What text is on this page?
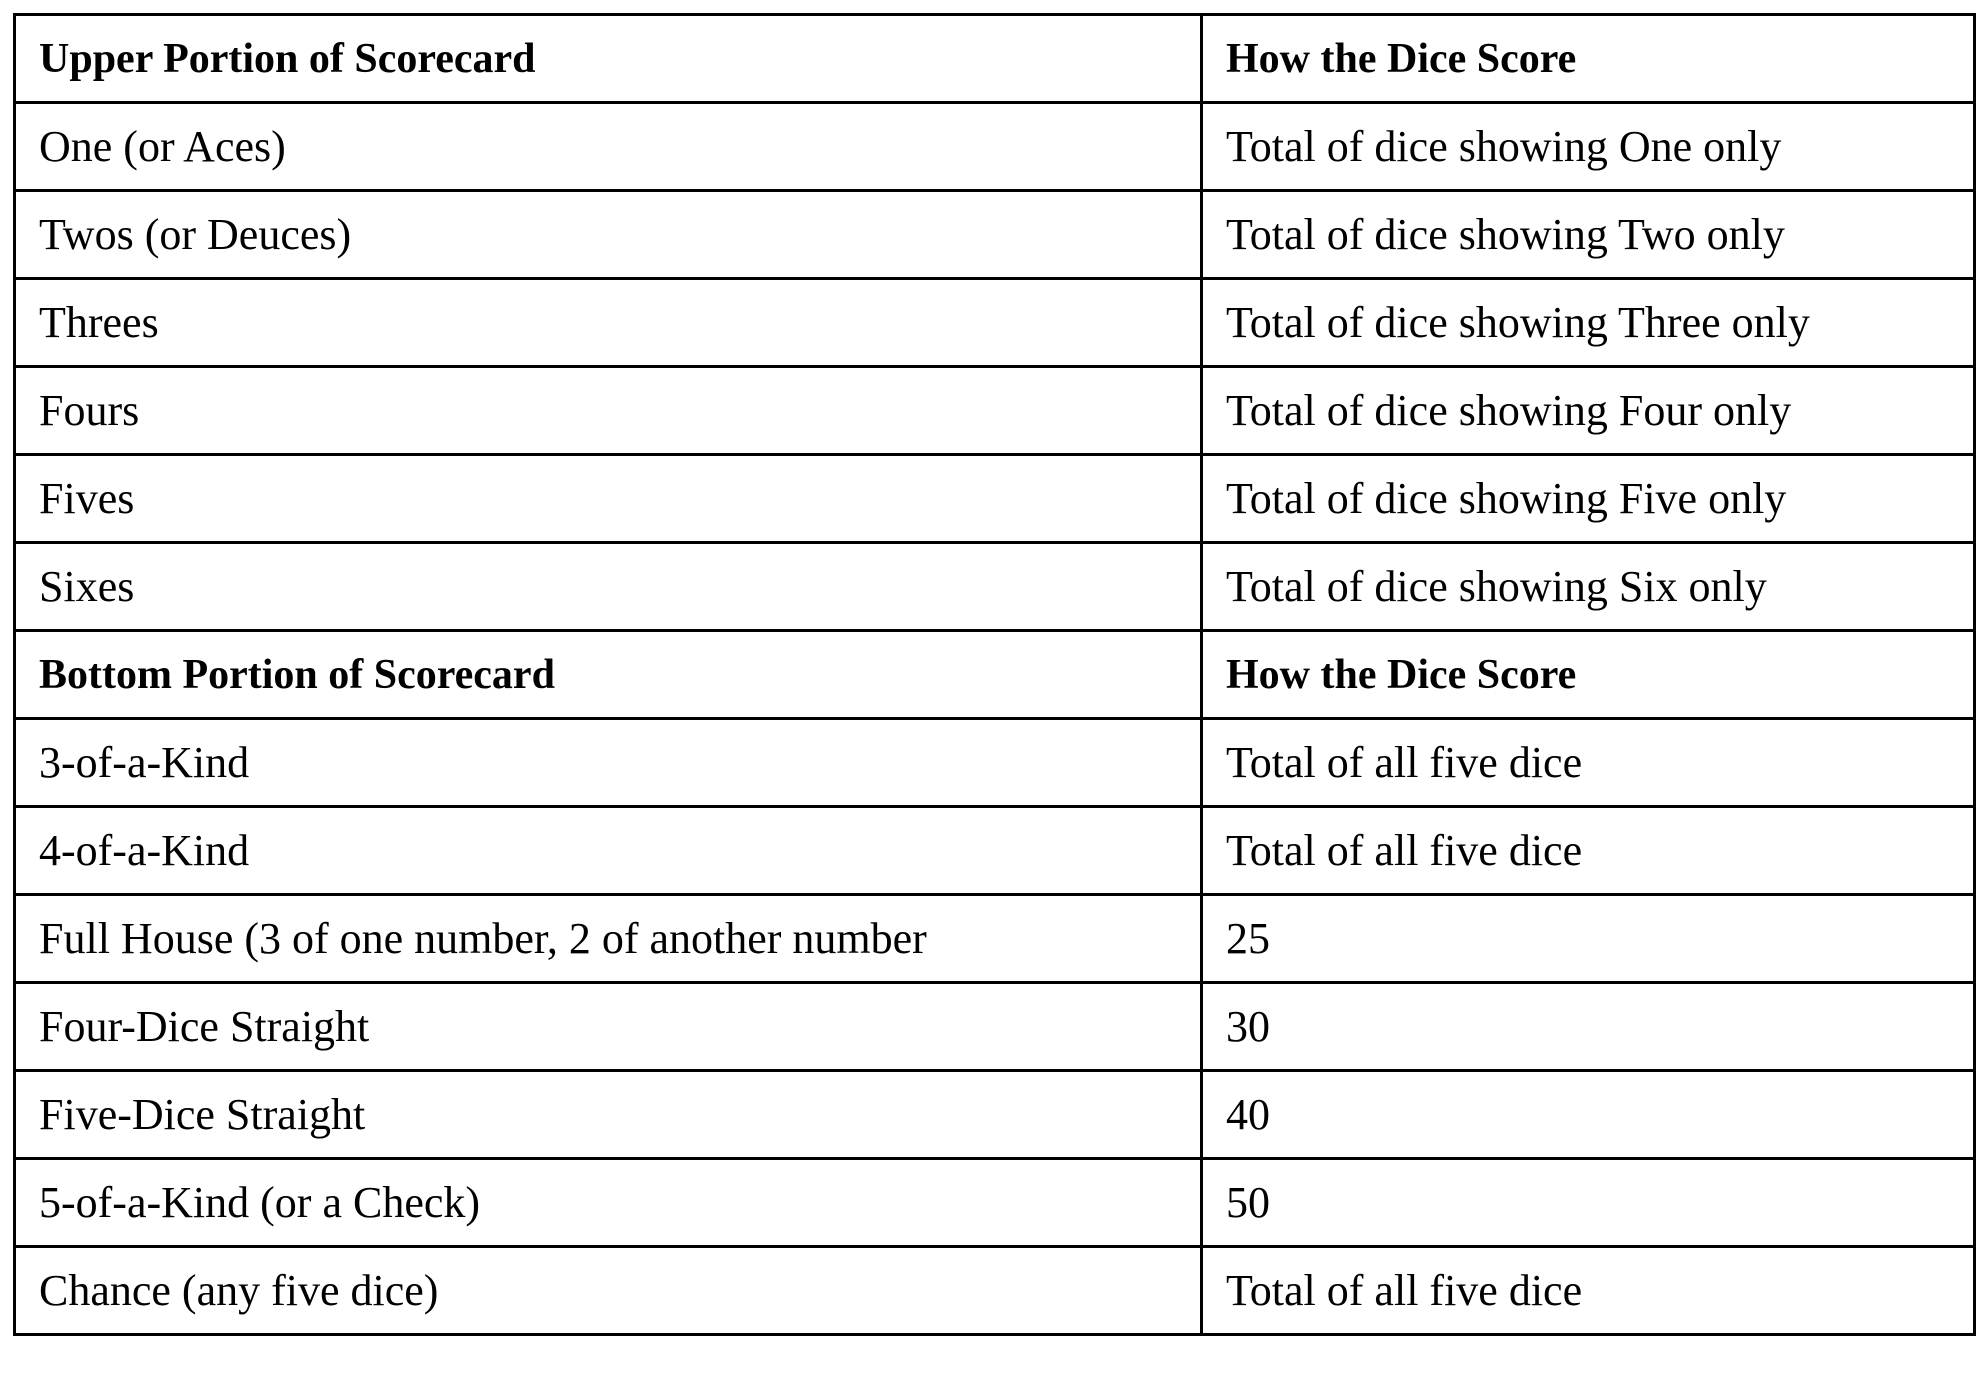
Upper Portion of Scorecard	How the Dice Score
One (or Aces)	Total of dice showing One only
Twos (or Deuces)	Total of dice showing Two only
Threes	Total of dice showing Three only
Fours	Total of dice showing Four only
Fives	Total of dice showing Five only
Sixes	Total of dice showing Six only
Bottom Portion of Scorecard	How the Dice Score
3-of-a-Kind	Total of all five dice
4-of-a-Kind	Total of all five dice
Full House (3 of one number, 2 of another number	25
Four-Dice Straight	30
Five-Dice Straight	40
5-of-a-Kind (or a Check)	50
Chance (any five dice)	Total of all five dice
